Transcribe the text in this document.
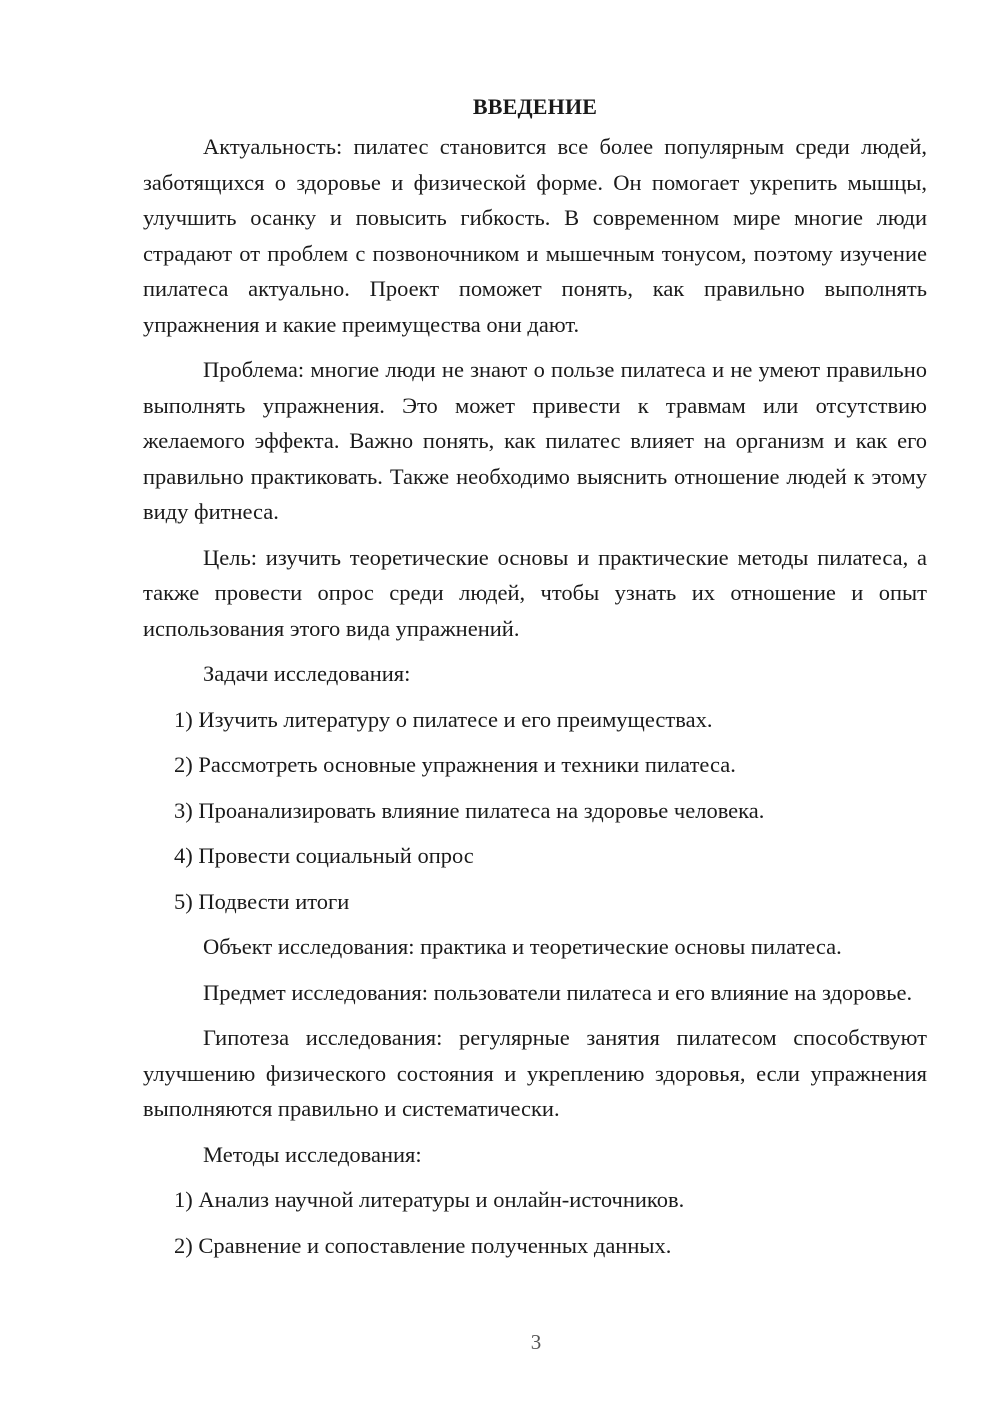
ВВЕДЕНИЕ

Актуальность: пилатес становится все более популярным среди людей, заботящихся о здоровье и физической форме. Он помогает укрепить мышцы, улучшить осанку и повысить гибкость. В современном мире многие люди страдают от проблем с позвоночником и мышечным тонусом, поэтому изучение пилатеса актуально. Проект поможет понять, как правильно выполнять упражнения и какие преимущества они дают.

Проблема: многие люди не знают о пользе пилатеса и не умеют правильно выполнять упражнения. Это может привести к травмам или отсутствию желаемого эффекта. Важно понять, как пилатес влияет на организм и как его правильно практиковать. Также необходимо выяснить отношение людей к этому виду фитнеса.

Цель: изучить теоретические основы и практические методы пилатеса, а также провести опрос среди людей, чтобы узнать их отношение и опыт использования этого вида упражнений.

Задачи исследования:

1) Изучить литературу о пилатесе и его преимуществах.

2) Рассмотреть основные упражнения и техники пилатеса.

3) Проанализировать влияние пилатеса на здоровье человека.

4) Провести социальный опрос

5) Подвести итоги

Объект исследования: практика и теоретические основы пилатеса.

Предмет исследования: пользователи пилатеса и его влияние на здоровье.

Гипотеза исследования: регулярные занятия пилатесом способствуют улучшению физического состояния и укреплению здоровья, если упражнения выполняются правильно и систематически.

Методы исследования:

1) Анализ научной литературы и онлайн-источников.

2) Сравнение и сопоставление полученных данных.

3
